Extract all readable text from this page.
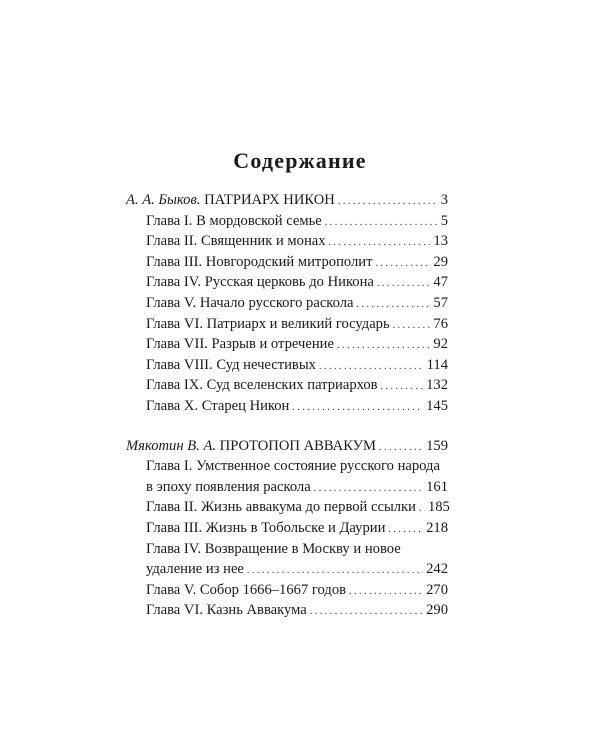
Содержание
А. А. Быков. ПАТРИАРХ НИКОН . . .	3
Глава I. В мордовской семье . . .	5
Глава II. Священник и монах . . .	13
Глава III. Новгородский митрополит . . .	29
Глава IV. Русская церковь до Никона . . .	47
Глава V. Начало русского раскола . . .	57
Глава VI. Патриарх и великий государь . . .	76
Глава VII. Разрыв и отречение . . .	92
Глава VIII. Суд нечестивых . . .	114
Глава IX. Суд вселенских патриархов . . .	132
Глава X. Старец Никон . . .	145
Мякотин В. А. ПРОТОПОП АВВАКУМ . . .	159
Глава I. Умственное состояние русского народа
в эпоху появления раскола . . .	161
Глава II. Жизнь аввакума до первой ссылки . . . 185
Глава III. Жизнь в Тобольске и Даурии . . .	218
Глава IV. Возвращение в Москву и новое
удаление из нее . . .	242
Глава V. Собор 1666–1667 годов . . .	270
Глава VI. Казнь Аввакума . . .	290
